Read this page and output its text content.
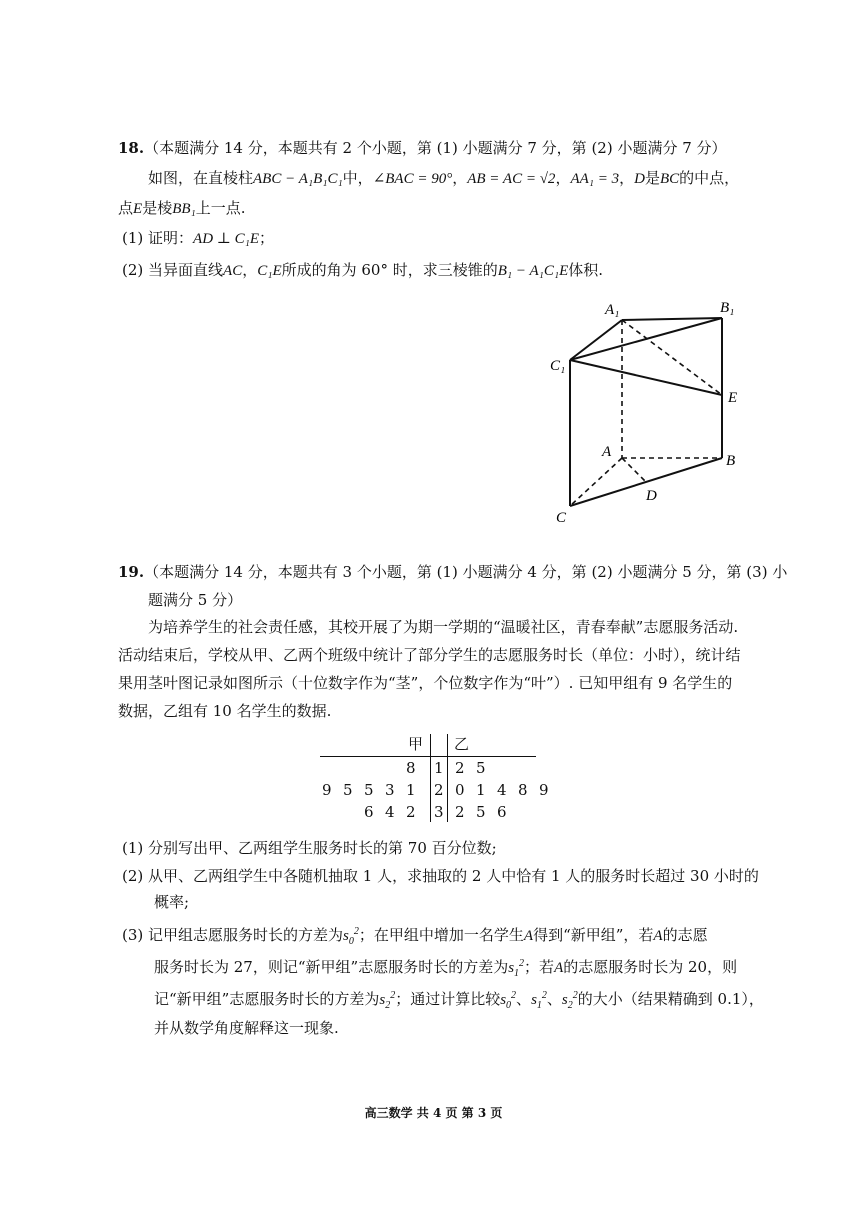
18.（本题满分 14 分，本题共有 2 个小题，第 (1) 小题满分 7 分，第 (2) 小题满分 7 分）
如图，在直棱柱ABC − A₁B₁C₁中，∠BAC = 90°，AB = AC = √2，AA₁ = 3，D是BC的中点，
点E是棱BB₁上一点.
(1) 证明：AD ⊥ C₁E；
(2) 当异面直线AC，C₁E所成的角为 60° 时，求三棱锥的B₁ − A₁C₁E体积.
A₁	B₁
C₁
E
A
B
C
D
19.（本题满分 14 分，本题共有 3 个小题，第 (1) 小题满分 4 分，第 (2) 小题满分 5 分，第 (3) 小
题满分 5 分）
为培养学生的社会责任感，其校开展了为期一学期的“温暖社区，青春奉献”志愿服务活动.
活动结束后，学校从甲、乙两个班级中统计了部分学生的志愿服务时长（单位：小时），统计结
果用茎叶图记录如图所示（十位数字作为“茎”，个位数字作为“叶”）. 已知甲组有 9 名学生的
数据，乙组有 10 名学生的数据.
甲 乙
8 1 2 5
9 5 5 3 1 2 0 1 4 8 9
6 4 2 3 2 5 6
(1) 分别写出甲、乙两组学生服务时长的第 70 百分位数;
(2) 从甲、乙两组学生中各随机抽取 1 人，求抽取的 2 人中恰有 1 人的服务时长超过 30 小时的
概率;
(3) 记甲组志愿服务时长的方差为$s_0^2$；在甲组中增加一名学生A得到“新甲组”，若A的志愿
服务时长为 27，则记“新甲组”志愿服务时长的方差为$s_1^2$；若A的志愿服务时长为 20，则
记“新甲组”志愿服务时长的方差为$s_2^2$；通过计算比较$s_0^2$、$s_1^2$、$s_2^2$的大小（结果精确到 0.1），
并从数学角度解释这一现象.
高三数学 共 4 页 第 3 页
